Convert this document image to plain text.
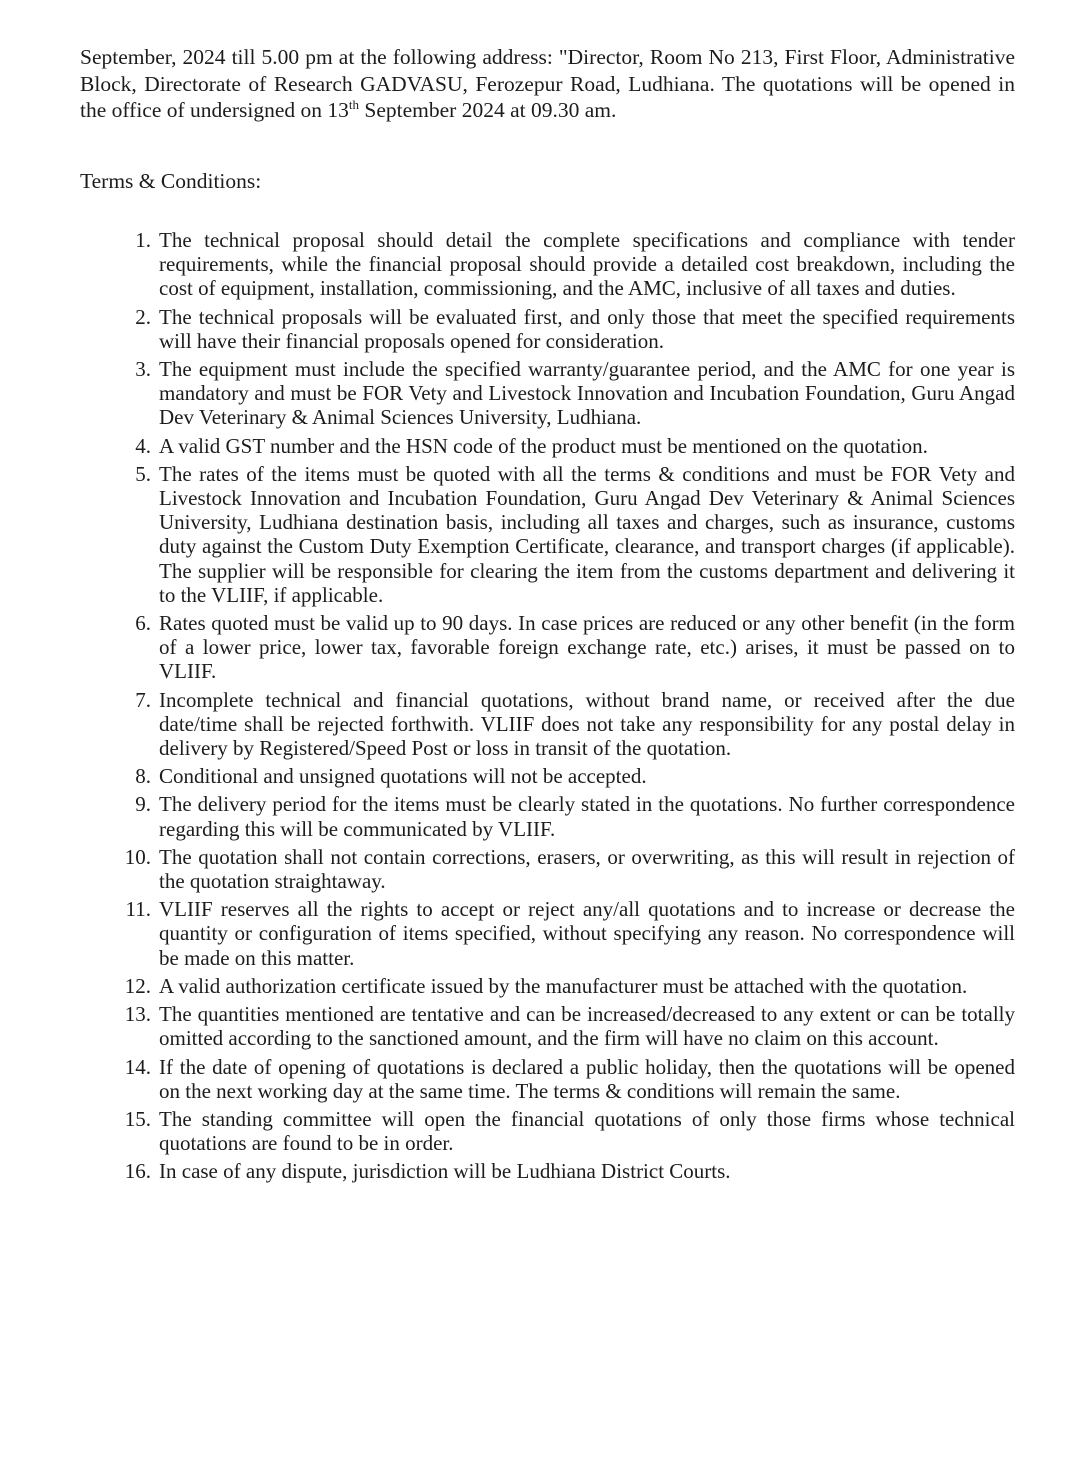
September, 2024 till 5.00 pm at the following address: "Director, Room No 213, First Floor, Administrative Block, Directorate of Research GADVASU, Ferozepur Road, Ludhiana. The quotations will be opened in the office of undersigned on 13th September 2024 at 09.30 am.

Terms & Conditions:

1. The technical proposal should detail the complete specifications and compliance with tender requirements, while the financial proposal should provide a detailed cost breakdown, including the cost of equipment, installation, commissioning, and the AMC, inclusive of all taxes and duties.
2. The technical proposals will be evaluated first, and only those that meet the specified requirements will have their financial proposals opened for consideration.
3. The equipment must include the specified warranty/guarantee period, and the AMC for one year is mandatory and must be FOR Vety and Livestock Innovation and Incubation Foundation, Guru Angad Dev Veterinary & Animal Sciences University, Ludhiana.
4. A valid GST number and the HSN code of the product must be mentioned on the quotation.
5. The rates of the items must be quoted with all the terms & conditions and must be FOR Vety and Livestock Innovation and Incubation Foundation, Guru Angad Dev Veterinary & Animal Sciences University, Ludhiana destination basis, including all taxes and charges, such as insurance, customs duty against the Custom Duty Exemption Certificate, clearance, and transport charges (if applicable). The supplier will be responsible for clearing the item from the customs department and delivering it to the VLIIF, if applicable.
6. Rates quoted must be valid up to 90 days. In case prices are reduced or any other benefit (in the form of a lower price, lower tax, favorable foreign exchange rate, etc.) arises, it must be passed on to VLIIF.
7. Incomplete technical and financial quotations, without brand name, or received after the due date/time shall be rejected forthwith. VLIIF does not take any responsibility for any postal delay in delivery by Registered/Speed Post or loss in transit of the quotation.
8. Conditional and unsigned quotations will not be accepted.
9. The delivery period for the items must be clearly stated in the quotations. No further correspondence regarding this will be communicated by VLIIF.
10. The quotation shall not contain corrections, erasers, or overwriting, as this will result in rejection of the quotation straightaway.
11. VLIIF reserves all the rights to accept or reject any/all quotations and to increase or decrease the quantity or configuration of items specified, without specifying any reason. No correspondence will be made on this matter.
12. A valid authorization certificate issued by the manufacturer must be attached with the quotation.
13. The quantities mentioned are tentative and can be increased/decreased to any extent or can be totally omitted according to the sanctioned amount, and the firm will have no claim on this account.
14. If the date of opening of quotations is declared a public holiday, then the quotations will be opened on the next working day at the same time. The terms & conditions will remain the same.
15. The standing committee will open the financial quotations of only those firms whose technical quotations are found to be in order.
16. In case of any dispute, jurisdiction will be Ludhiana District Courts.
